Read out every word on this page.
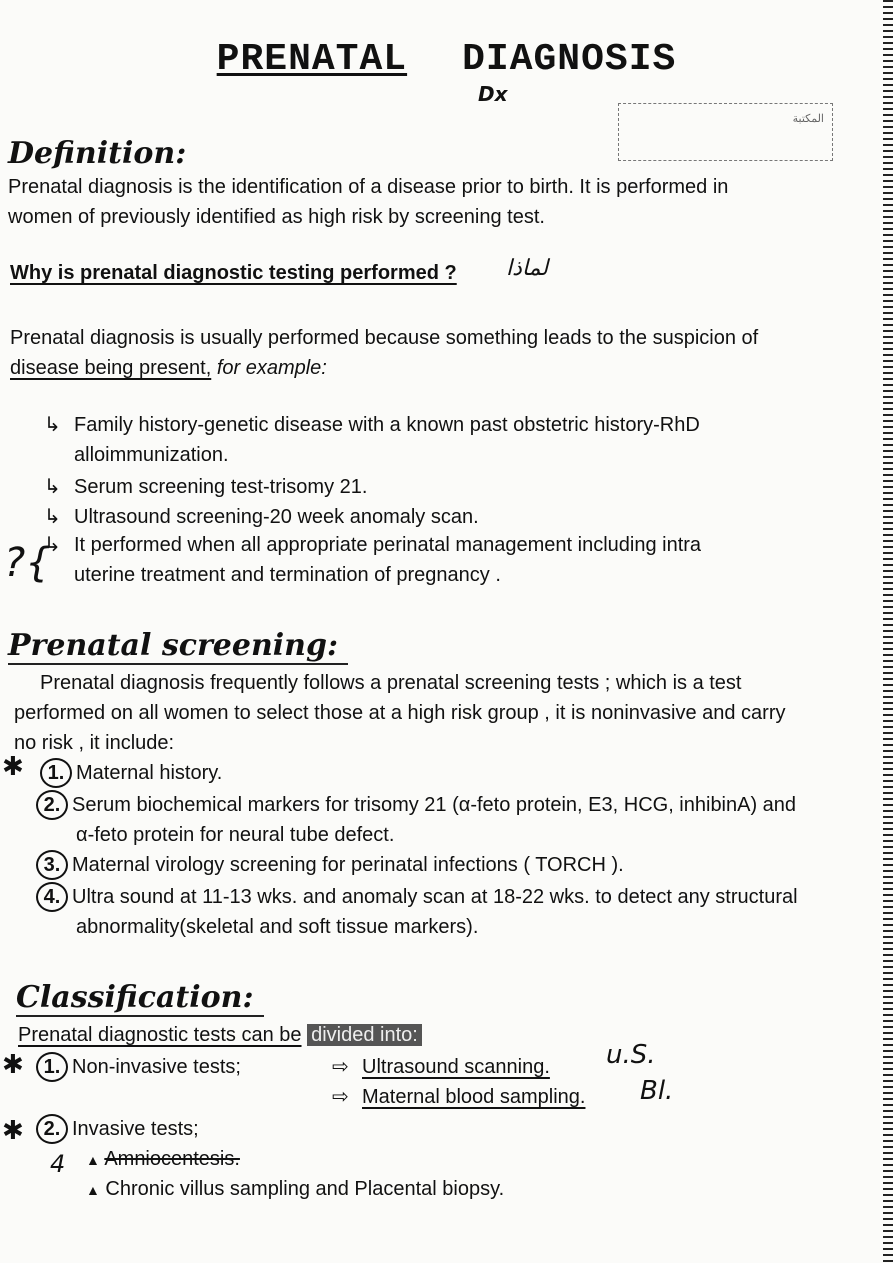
PRENATAL DIAGNOSIS
Dx
المكتبة
Definition:
Prenatal diagnosis is the identification of a disease prior to birth. It is performed in
women of previously identified as high risk by screening test.
Why is prenatal diagnostic testing performed ? لماذا
Prenatal diagnosis is usually performed because something leads to the suspicion of
disease being present, for example:
↳ Family history-genetic disease with a known past obstetric history-RhD
alloimmunization.
↳ Serum screening test-trisomy 21.
↳ Ultrasound screening-20 week anomaly scan.
↳ It performed when all appropriate perinatal management including intra
uterine treatment and termination of pregnancy .
?{
Prenatal screening:
Prenatal diagnosis frequently follows a prenatal screening tests ; which is a test
performed on all women to select those at a high risk group , it is noninvasive and carry
no risk , it include:
1. Maternal history.
2. Serum biochemical markers for trisomy 21 (α-feto protein, E3, HCG, inhibinA) and
α-feto protein for neural tube defect.
3. Maternal virology screening for perinatal infections ( TORCH ).
4. Ultra sound at 11-13 wks. and anomaly scan at 18-22 wks. to detect any structural
abnormality(skeletal and soft tissue markers).
✱
Classification:
Prenatal diagnostic tests can be divided into:
✱ 1. Non-invasive tests;	⇨ Ultrasound scanning.
⇨ Maternal blood sampling.
u.S.
Bl.
✱ 2. Invasive tests;
4 ▲ Amniocentesis.
▲ Chronic villus sampling and Placental biopsy.
